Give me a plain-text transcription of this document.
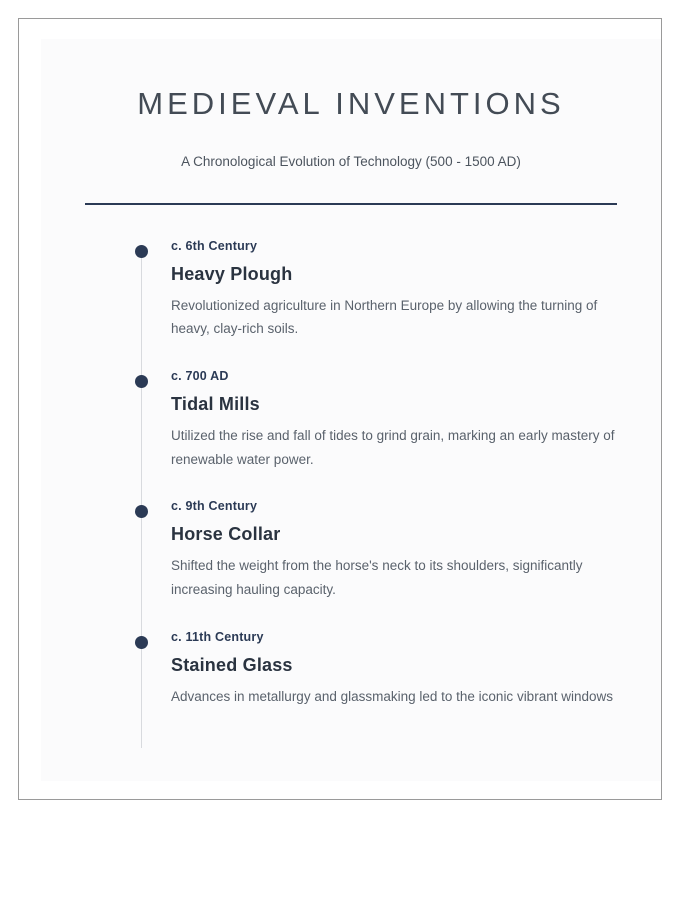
MEDIEVAL INVENTIONS
A Chronological Evolution of Technology (500 - 1500 AD)

c. 6th Century

Heavy Plough

Revolutionized agriculture in Northern Europe by allowing the turning of heavy, clay-rich soils.

c. 700 AD

Tidal Mills

Utilized the rise and fall of tides to grind grain, marking an early mastery of renewable water power.

c. 9th Century

Horse Collar

Shifted the weight from the horse's neck to its shoulders, significantly increasing hauling capacity.

c. 11th Century

Stained Glass

Advances in metallurgy and glassmaking led to the iconic vibrant windows
